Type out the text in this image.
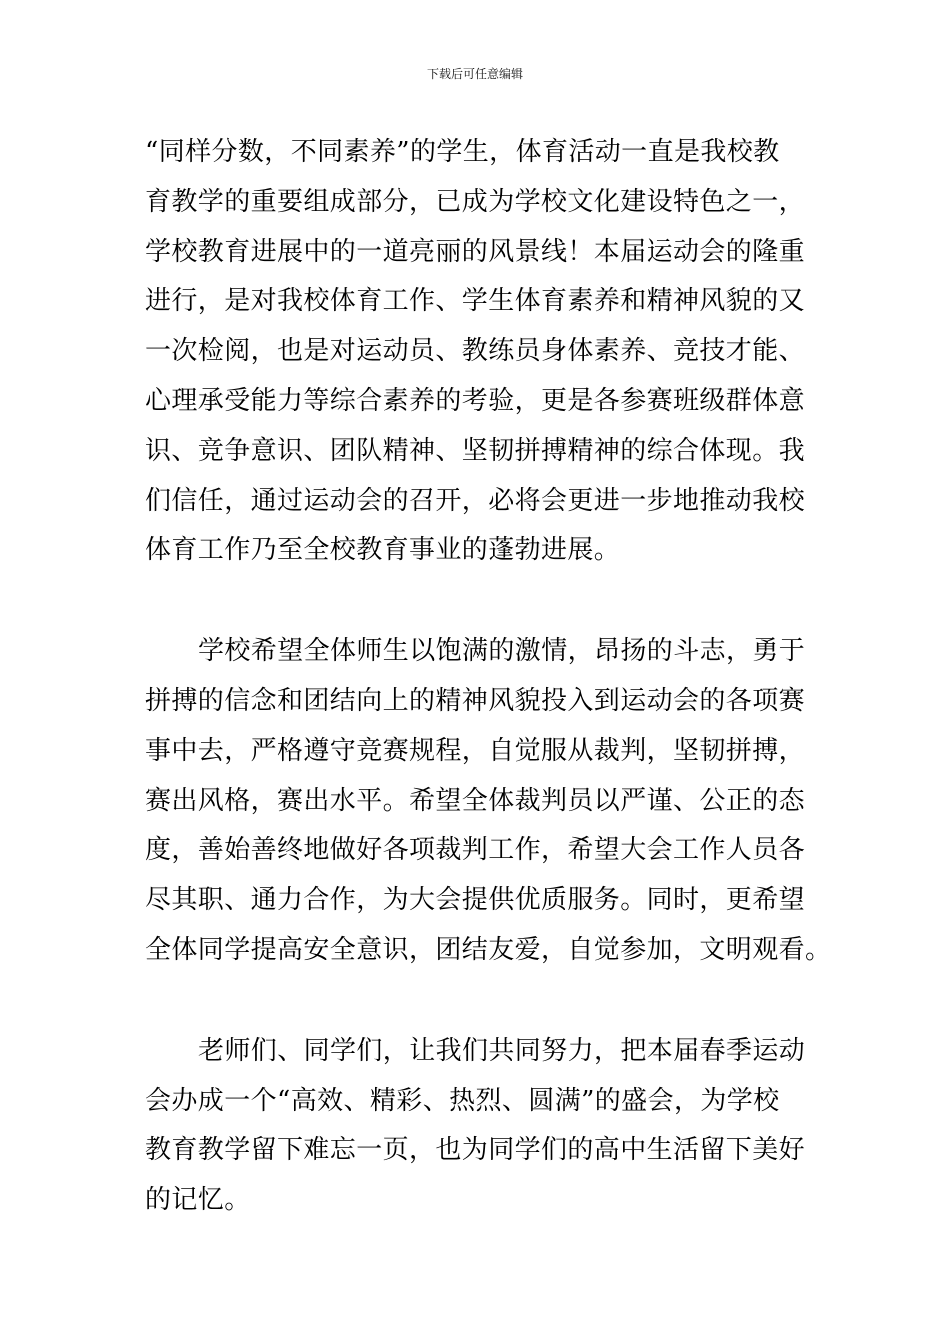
下载后可任意编辑

“同样分数，不同素养”的学生，体育活动一直是我校教
育教学的重要组成部分，已成为学校文化建设特色之一，
学校教育进展中的一道亮丽的风景线！本届运动会的隆重
进行，是对我校体育工作、学生体育素养和精神风貌的又
一次检阅，也是对运动员、教练员身体素养、竞技才能、
心理承受能力等综合素养的考验，更是各参赛班级群体意
识、竞争意识、团队精神、坚韧拼搏精神的综合体现。我
们信任，通过运动会的召开，必将会更进一步地推动我校
体育工作乃至全校教育事业的蓬勃进展。

学校希望全体师生以饱满的激情，昂扬的斗志，勇于
拼搏的信念和团结向上的精神风貌投入到运动会的各项赛
事中去，严格遵守竞赛规程，自觉服从裁判，坚韧拼搏，
赛出风格，赛出水平。希望全体裁判员以严谨、公正的态
度，善始善终地做好各项裁判工作，希望大会工作人员各
尽其职、通力合作，为大会提供优质服务。同时，更希望
全体同学提高安全意识，团结友爱，自觉参加，文明观看。

老师们、同学们，让我们共同努力，把本届春季运动
会办成一个“高效、精彩、热烈、圆满”的盛会，为学校
教育教学留下难忘一页，也为同学们的高中生活留下美好
的记忆。
